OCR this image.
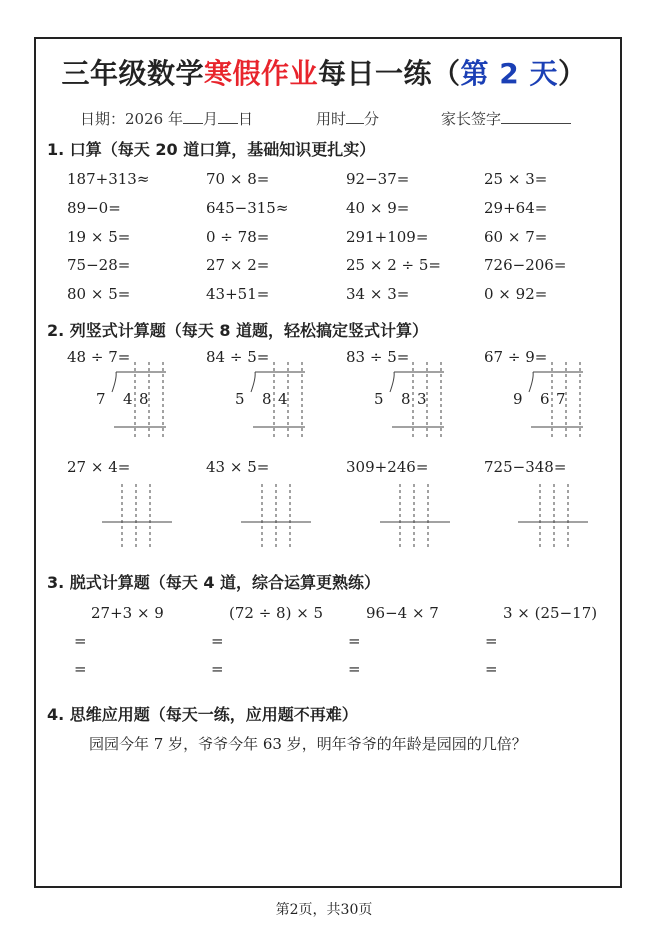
三年级数学寒假作业每日一练（第 2 天）
日期：2026 年 月 日	用时 分	家长签字
1. 口算（每天 20 道口算，基础知识更扎实）
187+313≈	70 × 8=	92−37=	25 × 3=
89−0=	645−315≈	40 × 9=	29+64=
19 × 5=	0 ÷ 78=	291+109=	60 × 7=
75−28=	27 × 2=	25 × 2 ÷ 5=	726−206=
80 × 5=	43+51=	34 × 3=	0 × 92=
2. 列竖式计算题（每天 8 道题，轻松搞定竖式计算）
48 ÷ 7=	84 ÷ 5=	83 ÷ 5=	67 ÷ 9=
27 × 4=	43 × 5=	309+246=	725−348=
7 4 8	5 8 4	5 8 3	9 6 7
3. 脱式计算题（每天 4 道，综合运算更熟练）
27+3 × 9	(72 ÷ 8) × 5	96−4 × 7	3 × (25−17)
=	=	=	=
=	=	=	=
4. 思维应用题（每天一练，应用题不再难）
园园今年 7 岁，爷爷今年 63 岁，明年爷爷的年龄是园园的几倍？
第2页，共30页
